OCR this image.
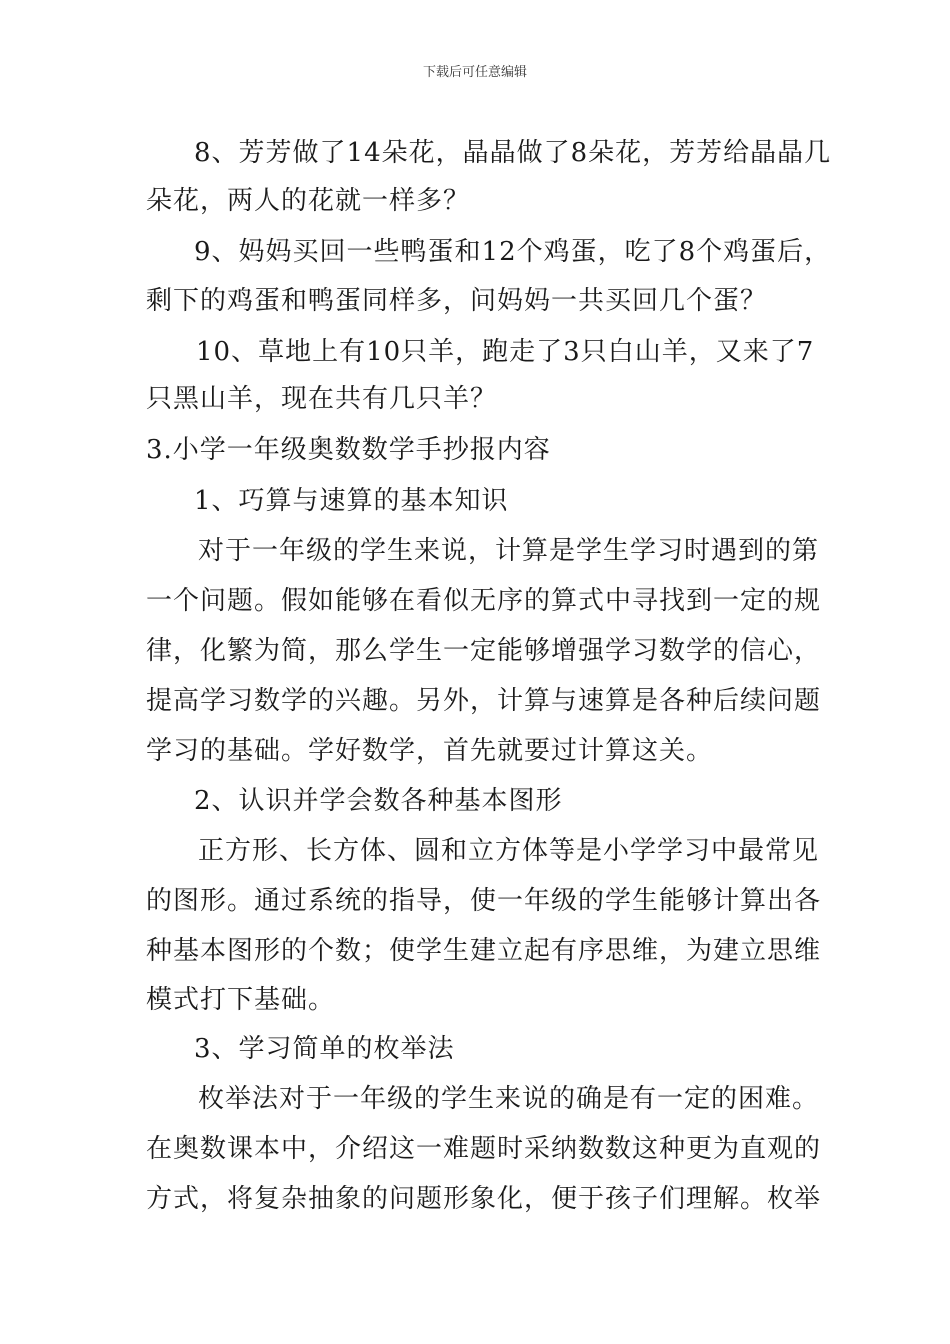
下载后可任意编辑
8、芳芳做了14朵花，晶晶做了8朵花，芳芳给晶晶几
朵花，两人的花就一样多？
9、妈妈买回一些鸭蛋和12个鸡蛋，吃了8个鸡蛋后，
剩下的鸡蛋和鸭蛋同样多，问妈妈一共买回几个蛋？
10、草地上有10只羊，跑走了3只白山羊，又来了7
只黑山羊，现在共有几只羊？
3.小学一年级奥数数学手抄报内容
1、巧算与速算的基本知识
对于一年级的学生来说，计算是学生学习时遇到的第
一个问题。假如能够在看似无序的算式中寻找到一定的规
律，化繁为简，那么学生一定能够增强学习数学的信心，
提高学习数学的兴趣。另外，计算与速算是各种后续问题
学习的基础。学好数学，首先就要过计算这关。
2、认识并学会数各种基本图形
正方形、长方体、圆和立方体等是小学学习中最常见
的图形。通过系统的指导，使一年级的学生能够计算出各
种基本图形的个数；使学生建立起有序思维，为建立思维
模式打下基础。
3、学习简单的枚举法
枚举法对于一年级的学生来说的确是有一定的困难。
在奥数课本中，介绍这一难题时采纳数数这种更为直观的
方式，将复杂抽象的问题形象化，便于孩子们理解。枚举
